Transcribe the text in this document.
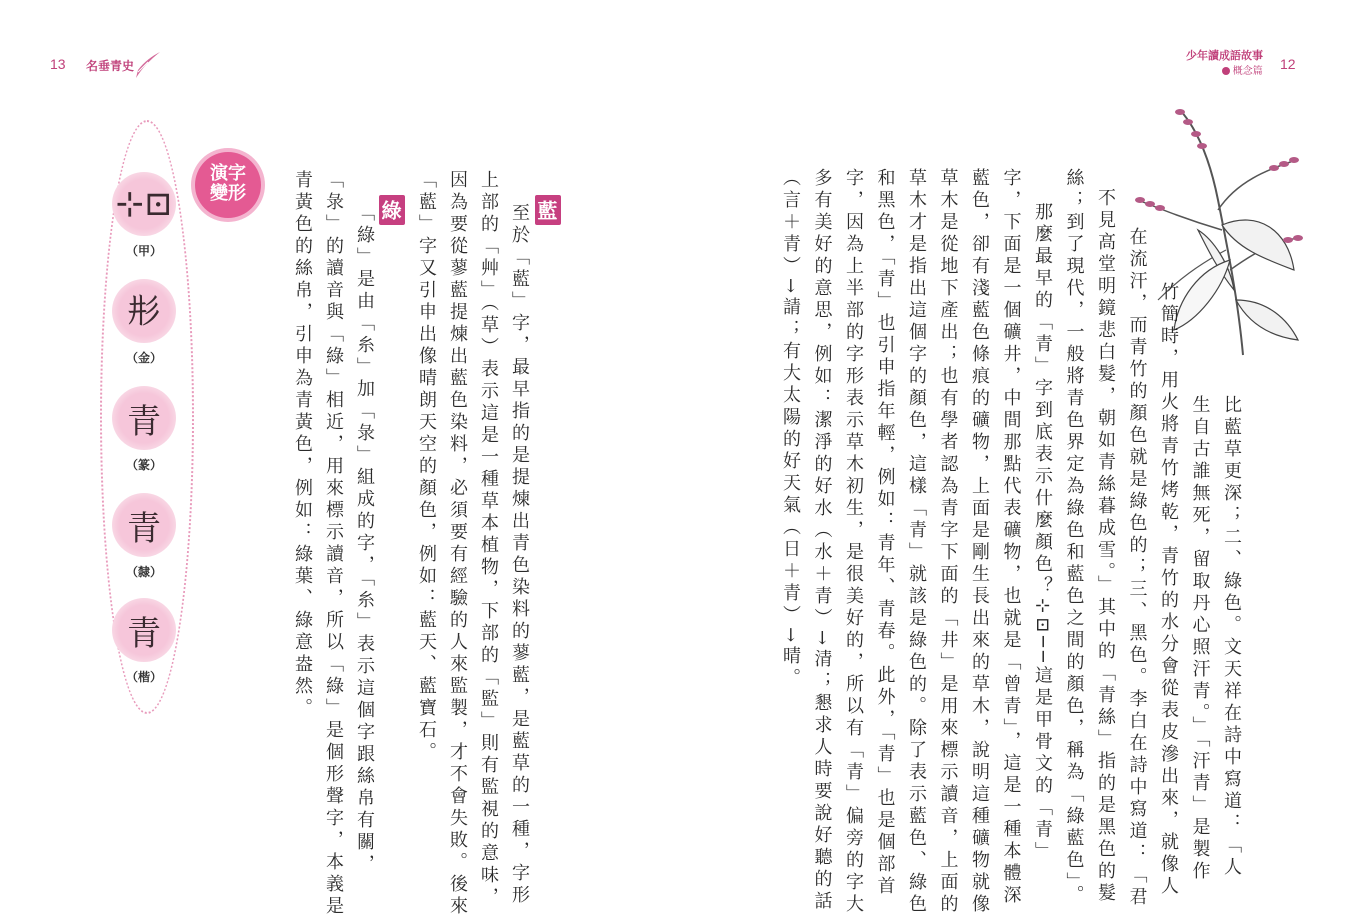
13 名垂青史
少年讀成語故事
概念篇 12
演字
變形
⊹⊡
（甲）
𢒈
（金）
青
（篆）
青
（隸）
青
（楷）
藍
至於「藍」字，最早指的是提煉出青色染料的蓼藍，是藍草的一種，字形
上部的「艸」（草）表示這是一種草本植物，下部的「監」則有監視的意味，
因為要從蓼藍提煉出藍色染料，必須要有經驗的人來監製，才不會失敗。後來
「藍」字又引申出像晴朗天空的顏色，例如：藍天、藍寶石。
綠
「綠」是由「糸」加「彔」組成的字，「糸」表示這個字跟絲帛有關，
「彔」的讀音與「綠」相近，用來標示讀音，所以「綠」是個形聲字，本義是
青黃色的絲帛，引申為青黃色，例如：綠葉、綠意盎然。	比藍草更深；二、綠色。文天祥在詩中寫道：「人
生自古誰無死，留取丹心照汗青。」「汗青」是製作
竹簡時，用火將青竹烤乾，青竹的水分會從表皮滲出來，就像人
在流汗，而青竹的顏色就是綠色的；三、黑色。李白在詩中寫道：「君
不見高堂明鏡悲白髮，朝如青絲暮成雪。」其中的「青絲」指的是黑色的髮
絲；到了現代，一般將青色界定為綠色和藍色之間的顏色，稱為「綠藍色」。
那麼最早的「青」字到底表示什麼顏色？⊹⊡──這是甲骨文的「青」
字，下面是一個礦井，中間那點代表礦物，也就是「曾青」，這是一種本體深
藍色，卻有淺藍色條痕的礦物，上面是剛生長出來的草木，說明這種礦物就像
草木是從地下產出；也有學者認為青字下面的「井」是用來標示讀音，上面的
草木才是指出這個字的顏色，這樣「青」就該是綠色的。除了表示藍色、綠色
和黑色，「青」也引申指年輕，例如：青年、青春。此外，「青」也是個部首
字，因為上半部的字形表示草木初生，是很美好的，所以有「青」偏旁的字大
多有美好的意思，例如：潔淨的好水（水＋青）→清；懇求人時要說好聽的話
（言＋青）→請；有大太陽的好天氣（日＋青）→晴。
